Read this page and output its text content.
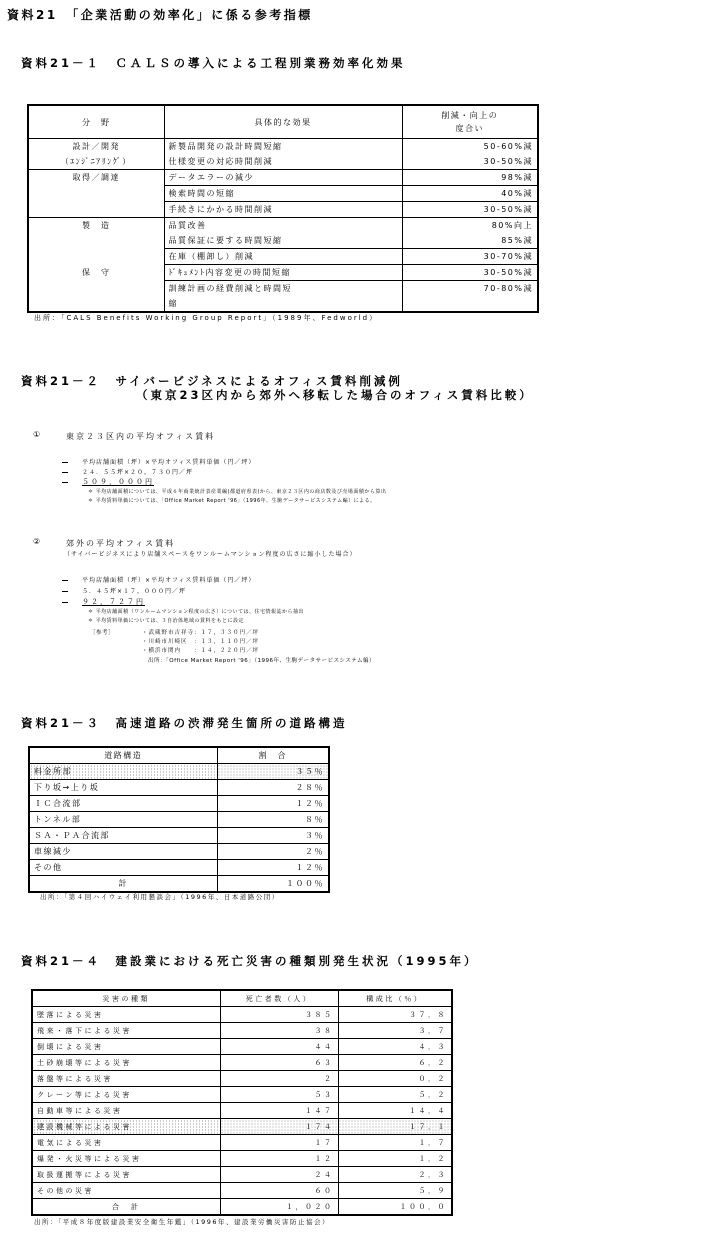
資料21　「企業活動の効率化」に係る参考指標
資料21－１　ＣＡＬＳの導入による工程別業務効率化効果
分　野	具体的な効果	削減・向上の
度合い

設計／開発	新製品開発の設計時間短縮	50-60%減
（ｴﾝｼﾞﾆｱﾘﾝｸﾞ）	仕様変更の対応時間削減	30-50%減
取得／調達	データエラーの減少	98%減
	検索時間の短縮	40%減
	手続きにかかる時間削減	30-50%減
製　造	品質改善	80%向上
	品質保証に要する時間短縮	85%減
	在庫（棚卸し）削減	30-70%減
保　守	ﾄﾞｷｭﾒﾝﾄ内容変更の時間短縮	30-50%減
	訓練計画の経費削減と時間短	70-80%減
	縮	
出所：「CALS Benefits Working Group Report」（1989年、Fedworld）
資料21－２　サイバービジネスによるオフィス賃料削減例
（東京23区内から郊外へ移転した場合のオフィス賃料比較）
①	東京２３区内の平均オフィス賃料
平均店舗面積（坪）×平均オフィス賃料単価（円／坪）
２４．５５坪×２０，７３０円／坪
５０９，０００円
＊ 平均店舗面積については、平成６年商業統計表産業編(都道府県表)から、東京２３区内の商店数及び売場面積から算出
＊ 平均賃料単価については、「Office Market Report '96」（1996年、生駒データサービスシステム編）による。
②	郊外の平均オフィス賃料
（サイバービジネスにより店舗スペースをワンルームマンション程度の広さに縮小した場合）
平均店舗面積（坪）×平均オフィス賃料単価（円／坪）
５．４５坪×１７，０００円／坪
９２，７２７円
＊ 平均店舗面積（ワンルームマンション程度の広さ）については、住宅情報誌から抽出
＊ 平均賃料単価については、３自治体地域の賃料をもとに設定
［参考］	・武蔵野市吉祥寺：１７，３３０円／坪
・川崎市川崎区　：１３，１１０円／坪
・横浜市関内　　：１４，２２０円／坪
出所：「Office Market Report '96」（1996年、生駒データサービスシステム編）
資料21－３　高速道路の渋滞発生箇所の道路構造
道路構造	割　合
料金所部	３５％
下り坂→上り坂	２８％
ＩＣ合流部	１２％
トンネル部	８％
ＳＡ・ＰＡ合流部	３％
車線減少	２％
その他	１２％
計	１００％
出所：「第４回ハイウェイ利用懇談会」（1996年、日本道路公団）
資料21－４　建設業における死亡災害の種類別発生状況（1995年）
災害の種類	死亡者数（人）	構成比（％）
墜落による災害	３８５	３７．８
飛来・落下による災害	３８	３．７
倒壊による災害	４４	４．３
土砂崩壊等による災害	６３	６．２
落盤等による災害	２	０．２
クレーン等による災害	５３	５．２
自動車等による災害	１４７	１４．４
建設機械等による災害	１７４	１７．１
電気による災害	１７	１．７
爆発・火災等による災害	１２	１．２
取扱運搬等による災害	２４	２．３
その他の災害	６０	５．９
合　計	１，０２０	１００．０
出所：「平成８年度版建設業安全衛生年鑑」（1996年、建設業労働災害防止協会）
